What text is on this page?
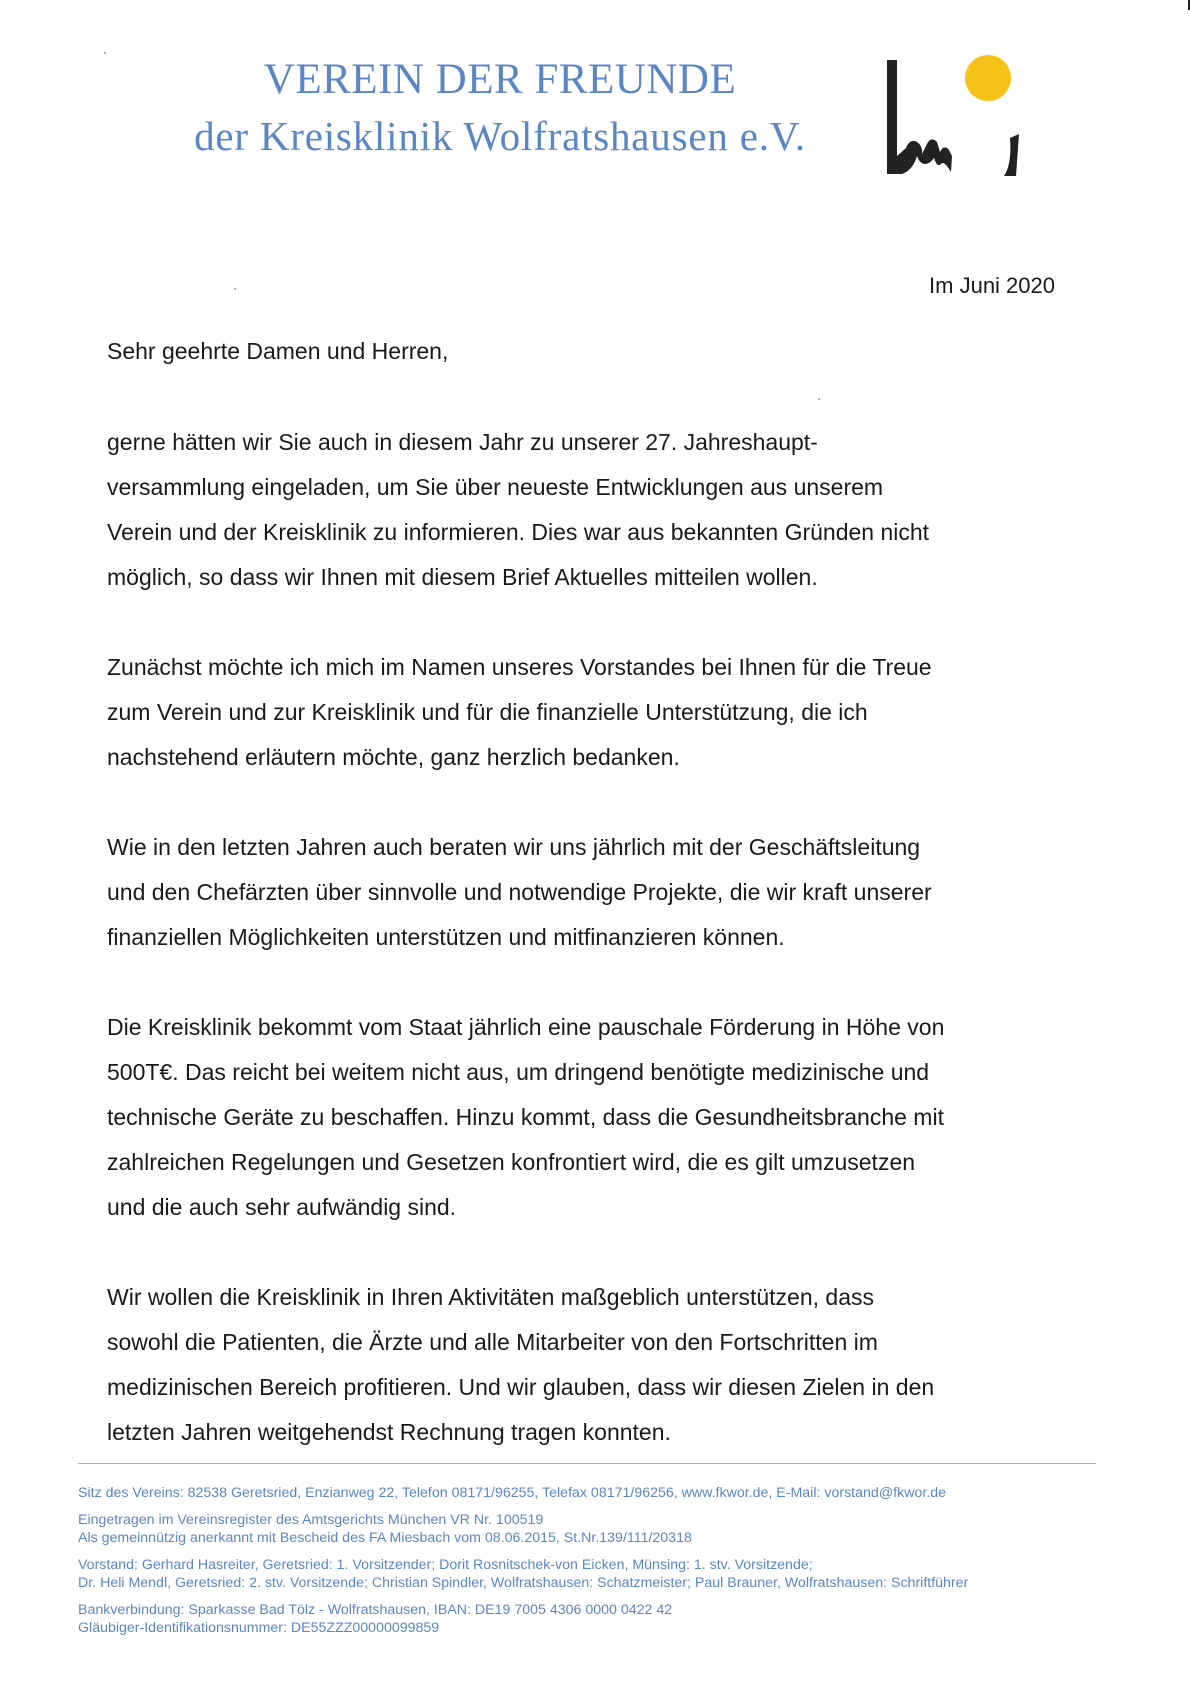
VEREIN DER FREUNDE
der Kreisklinik Wolfratshausen e.V.
Im Juni 2020
Sehr geehrte Damen und Herren,

gerne hätten wir Sie auch in diesem Jahr zu unserer 27. Jahreshaupt-
versammlung eingeladen, um Sie über neueste Entwicklungen aus unserem
Verein und der Kreisklinik zu informieren. Dies war aus bekannten Gründen nicht
möglich, so dass wir Ihnen mit diesem Brief Aktuelles mitteilen wollen.

Zunächst möchte ich mich im Namen unseres Vorstandes bei Ihnen für die Treue
zum Verein und zur Kreisklinik und für die finanzielle Unterstützung, die ich
nachstehend erläutern möchte, ganz herzlich bedanken.

Wie in den letzten Jahren auch beraten wir uns jährlich mit der Geschäftsleitung
und den Chefärzten über sinnvolle und notwendige Projekte, die wir kraft unserer
finanziellen Möglichkeiten unterstützen und mitfinanzieren können.

Die Kreisklinik bekommt vom Staat jährlich eine pauschale Förderung in Höhe von
500T€. Das reicht bei weitem nicht aus, um dringend benötigte medizinische und
technische Geräte zu beschaffen. Hinzu kommt, dass die Gesundheitsbranche mit
zahlreichen Regelungen und Gesetzen konfrontiert wird, die es gilt umzusetzen
und die auch sehr aufwändig sind.

Wir wollen die Kreisklinik in Ihren Aktivitäten maßgeblich unterstützen, dass
sowohl die Patienten, die Ärzte und alle Mitarbeiter von den Fortschritten im
medizinischen Bereich profitieren. Und wir glauben, dass wir diesen Zielen in den
letzten Jahren weitgehendst Rechnung tragen konnten.

Sitz des Vereins: 82538 Geretsried, Enzianweg 22, Telefon 08171/96255, Telefax 08171/96256, www.fkwor.de, E-Mail: vorstand@fkwor.de
Eingetragen im Vereinsregister des Amtsgerichts München VR Nr. 100519
Als gemeinnützig anerkannt mit Bescheid des FA Miesbach vom 08.06.2015, St.Nr.139/111/20318
Vorstand: Gerhard Hasreiter, Geretsried: 1. Vorsitzender; Dorit Rosnitschek-von Eicken, Münsing: 1. stv. Vorsitzende;
Dr. Heli Mendl, Geretsried: 2. stv. Vorsitzende; Christian Spindler, Wolfratshausen: Schatzmeister; Paul Brauner, Wolfratshausen: Schriftführer
Bankverbindung: Sparkasse Bad Tölz - Wolfratshausen, IBAN: DE19 7005 4306 0000 0422 42
Gläubiger-Identifikationsnummer: DE55ZZZ00000099859
